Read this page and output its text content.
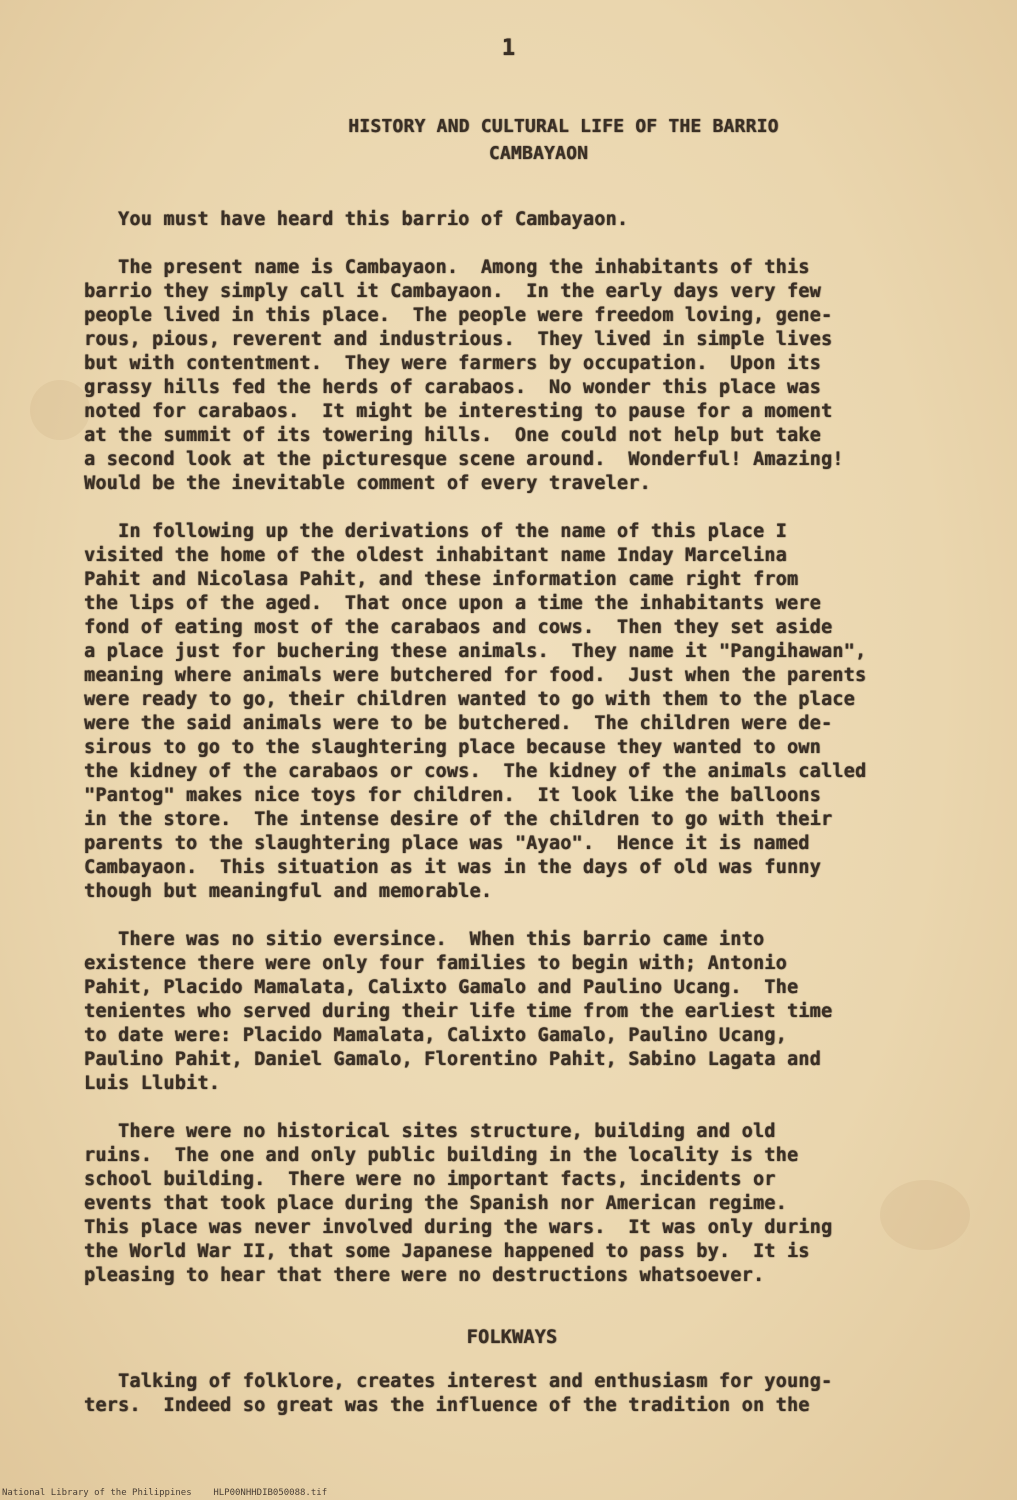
1
HISTORY AND CULTURAL LIFE OF THE BARRIO
CAMBAYAON

You must have heard this barrio of Cambayaon.

The present name is Cambayaon.  Among the inhabitants of this
barrio they simply call it Cambayaon.  In the early days very few
people lived in this place.  The people were freedom loving, gene-
rous, pious, reverent and industrious.  They lived in simple lives
but with contentment.  They were farmers by occupation.  Upon its
grassy hills fed the herds of carabaos.  No wonder this place was
noted for carabaos.  It might be interesting to pause for a moment
at the summit of its towering hills.  One could not help but take
a second look at the picturesque scene around.  Wonderful! Amazing!
Would be the inevitable comment of every traveler.

In following up the derivations of the name of this place I
visited the home of the oldest inhabitant name Inday Marcelina
Pahit and Nicolasa Pahit, and these information came right from
the lips of the aged.  That once upon a time the inhabitants were
fond of eating most of the carabaos and cows.  Then they set aside
a place just for buchering these animals.  They name it "Pangihawan",
meaning where animals were butchered for food.  Just when the parents
were ready to go, their children wanted to go with them to the place
were the said animals were to be butchered.  The children were de-
sirous to go to the slaughtering place because they wanted to own
the kidney of the carabaos or cows.  The kidney of the animals called
"Pantog" makes nice toys for children.  It look like the balloons
in the store.  The intense desire of the children to go with their
parents to the slaughtering place was "Ayao".  Hence it is named
Cambayaon.  This situation as it was in the days of old was funny
though but meaningful and memorable.

There was no sitio eversince.  When this barrio came into
existence there were only four families to begin with; Antonio
Pahit, Placido Mamalata, Calixto Gamalo and Paulino Ucang.  The
tenientes who served during their life time from the earliest time
to date were: Placido Mamalata, Calixto Gamalo, Paulino Ucang,
Paulino Pahit, Daniel Gamalo, Florentino Pahit, Sabino Lagata and
Luis Llubit.

There were no historical sites structure, building and old
ruins.  The one and only public building in the locality is the
school building.  There were no important facts, incidents or
events that took place during the Spanish nor American regime.
This place was never involved during the wars.  It was only during
the World War II, that some Japanese happened to pass by.  It is
pleasing to hear that there were no destructions whatsoever.

FOLKWAYS

Talking of folklore, creates interest and enthusiasm for young-
ters.  Indeed so great was the influence of the tradition on the

National Library of the Philippines    HLP00NHHDIB050088.tif
